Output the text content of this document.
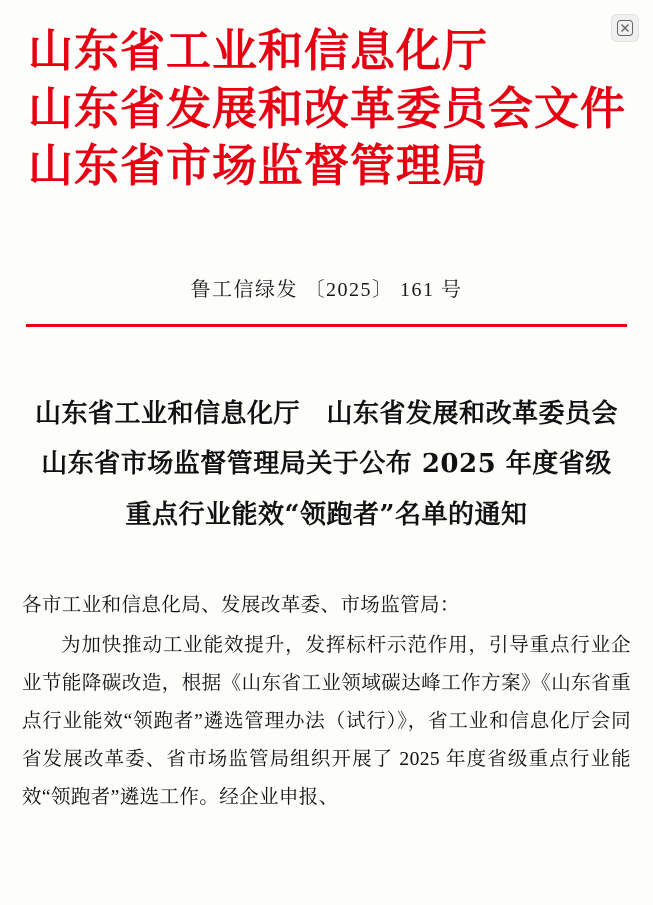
山东省工业和信息化厅
山东省发展和改革委员会文件
山东省市场监督管理局
鲁工信绿发 〔2025〕 161 号
山东省工业和信息化厅　山东省发展和改革委员会
山东省市场监督管理局关于公布 2025 年度省级
重点行业能效“领跑者”名单的通知
各市工业和信息化局、发展改革委、市场监管局：
为加快推动工业能效提升，发挥标杆示范作用，引导重点行业企业节能降碳改造，根据《山东省工业领域碳达峰工作方案》《山东省重点行业能效“领跑者”遴选管理办法（试行）》，省工业和信息化厅会同省发展改革委、省市场监管局组织开展了 2025 年度省级重点行业能效“领跑者”遴选工作。经企业申报、
